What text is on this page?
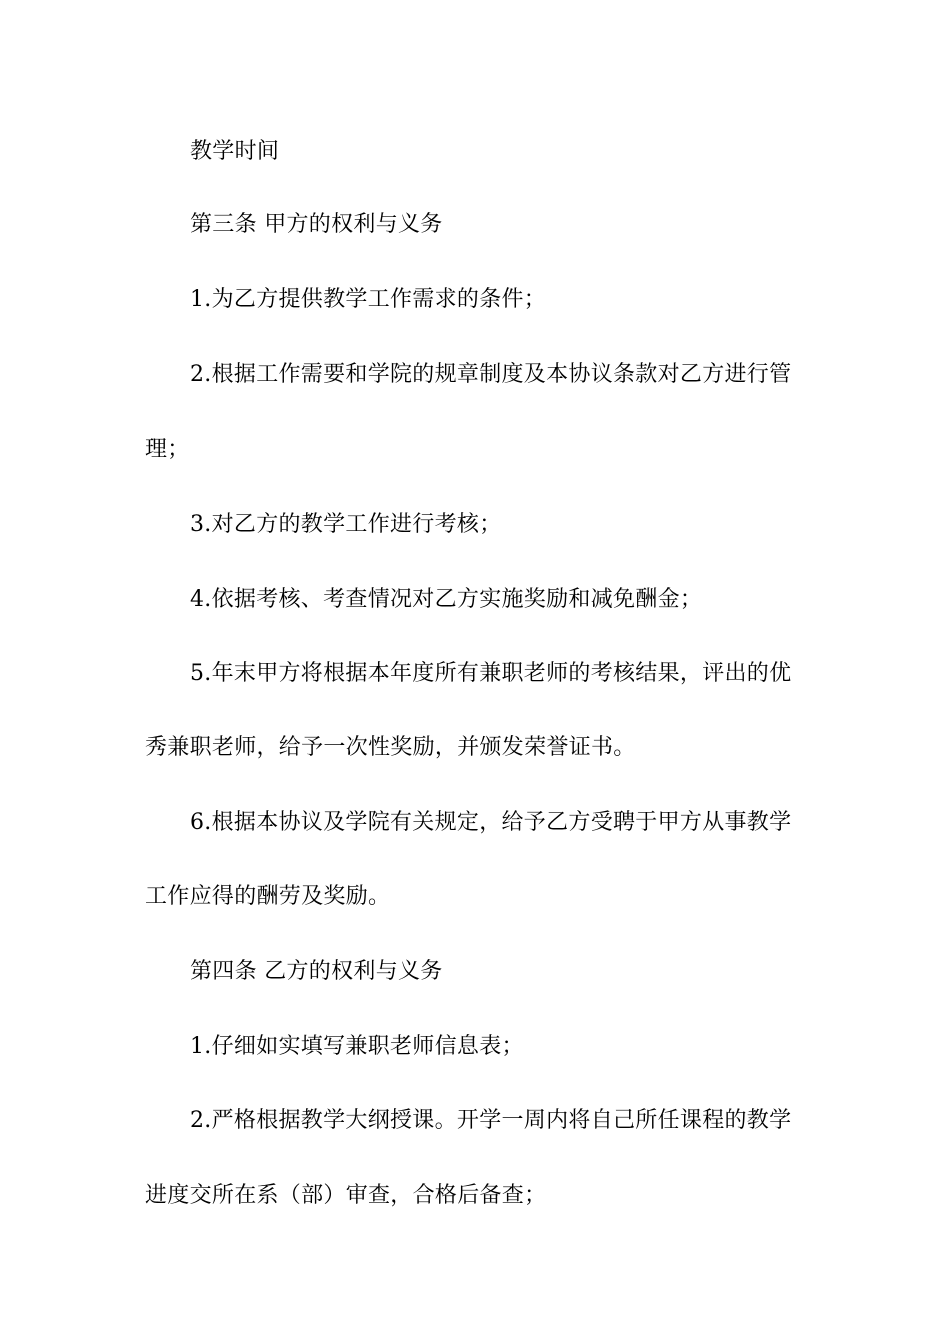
教学时间
第三条 甲方的权利与义务
1.为乙方提供教学工作需求的条件；
2.根据工作需要和学院的规章制度及本协议条款对乙方进行管
理；
3.对乙方的教学工作进行考核；
4.依据考核、考查情况对乙方实施奖励和减免酬金；
5.年末甲方将根据本年度所有兼职老师的考核结果，评出的优
秀兼职老师，给予一次性奖励，并颁发荣誉证书。
6.根据本协议及学院有关规定，给予乙方受聘于甲方从事教学
工作应得的酬劳及奖励。
第四条 乙方的权利与义务
1.仔细如实填写兼职老师信息表；
2.严格根据教学大纲授课。开学一周内将自己所任课程的教学
进度交所在系（部）审查，合格后备查；
